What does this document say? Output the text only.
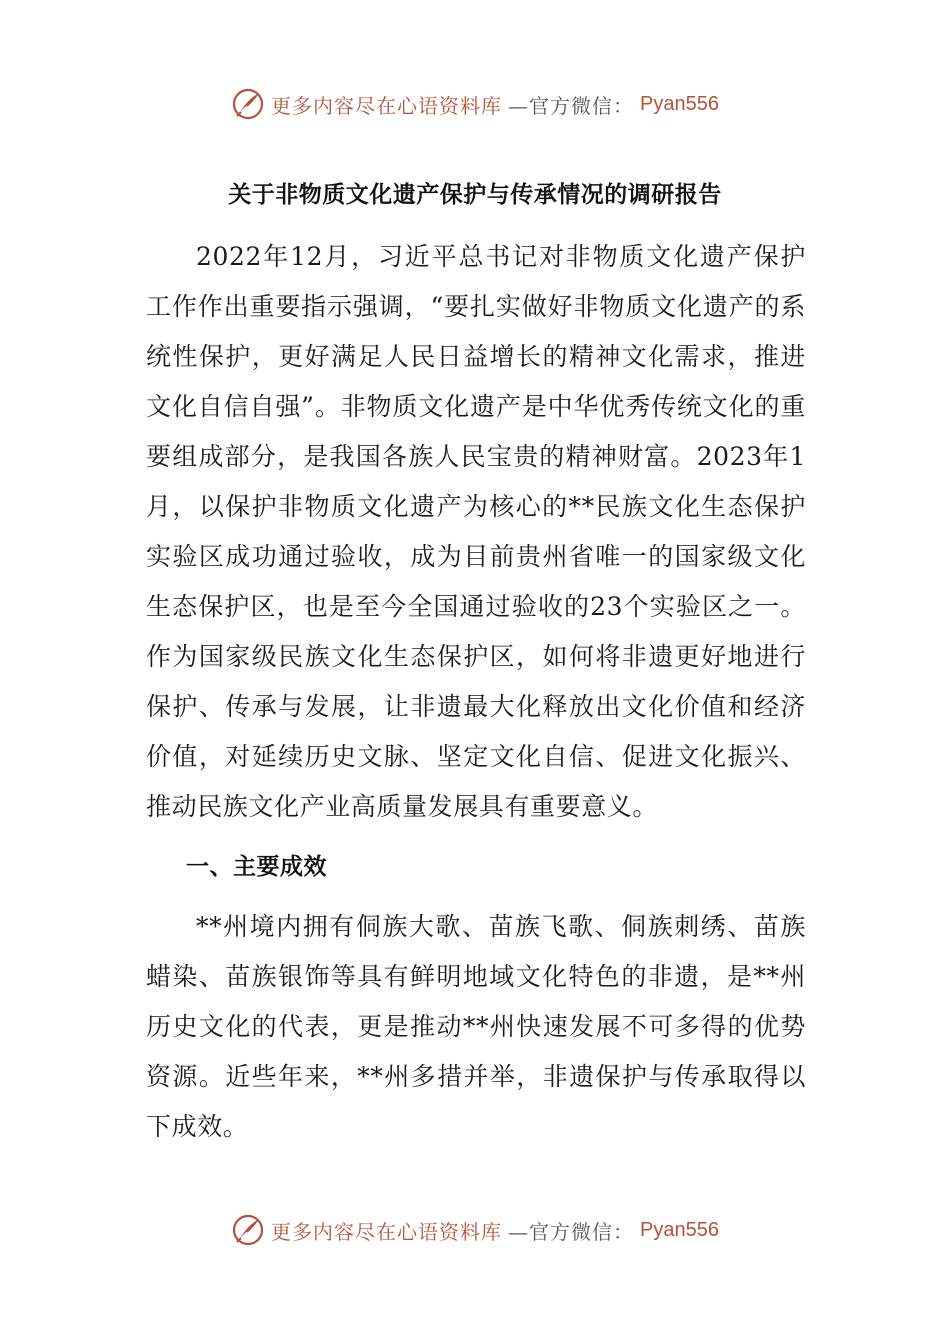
更多内容尽在心语资料库 —官方微信： Pyan556
关于非物质文化遗产保护与传承情况的调研报告

2022年12月，习近平总书记对非物质文化遗产保护工作作出重要指示强调，“要扎实做好非物质文化遗产的系统性保护，更好满足人民日益增长的精神文化需求，推进文化自信自强”。非物质文化遗产是中华优秀传统文化的重要组成部分，是我国各族人民宝贵的精神财富。2023年1月，以保护非物质文化遗产为核心的**民族文化生态保护实验区成功通过验收，成为目前贵州省唯一的国家级文化生态保护区，也是至今全国通过验收的23个实验区之一。作为国家级民族文化生态保护区，如何将非遗更好地进行保护、传承与发展，让非遗最大化释放出文化价值和经济价值，对延续历史文脉、坚定文化自信、促进文化振兴、推动民族文化产业高质量发展具有重要意义。

一、主要成效

**州境内拥有侗族大歌、苗族飞歌、侗族刺绣、苗族蜡染、苗族银饰等具有鲜明地域文化特色的非遗，是**州历史文化的代表，更是推动**州快速发展不可多得的优势资源。近些年来，**州多措并举，非遗保护与传承取得以下成效。

更多内容尽在心语资料库 —官方微信： Pyan556
